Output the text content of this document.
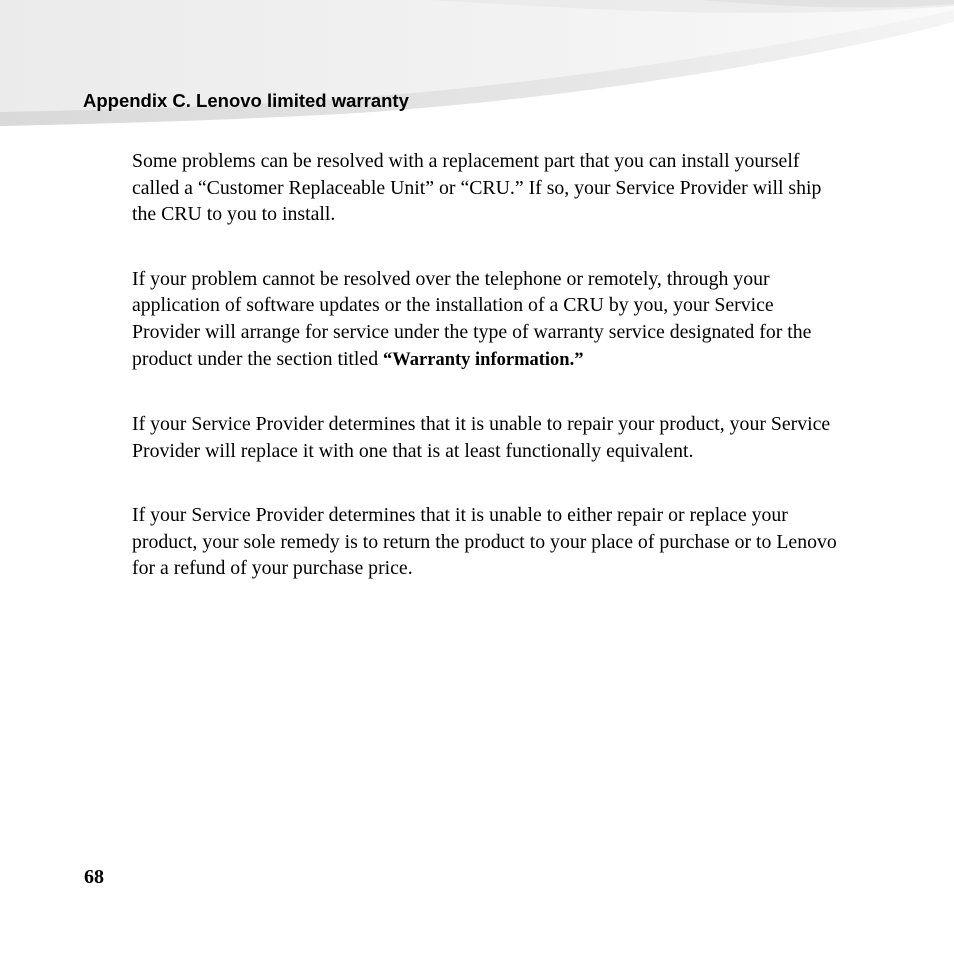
Appendix C. Lenovo limited warranty

Some problems can be resolved with a replacement part that you can install yourself called a “Customer Replaceable Unit” or “CRU.” If so, your Service Provider will ship the CRU to you to install.

If your problem cannot be resolved over the telephone or remotely, through your application of software updates or the installation of a CRU by you, your Service Provider will arrange for service under the type of warranty service designated for the product under the section titled “Warranty information.”

If your Service Provider determines that it is unable to repair your product, your Service Provider will replace it with one that is at least functionally equivalent.

If your Service Provider determines that it is unable to either repair or replace your product, your sole remedy is to return the product to your place of purchase or to Lenovo for a refund of your purchase price.

68
